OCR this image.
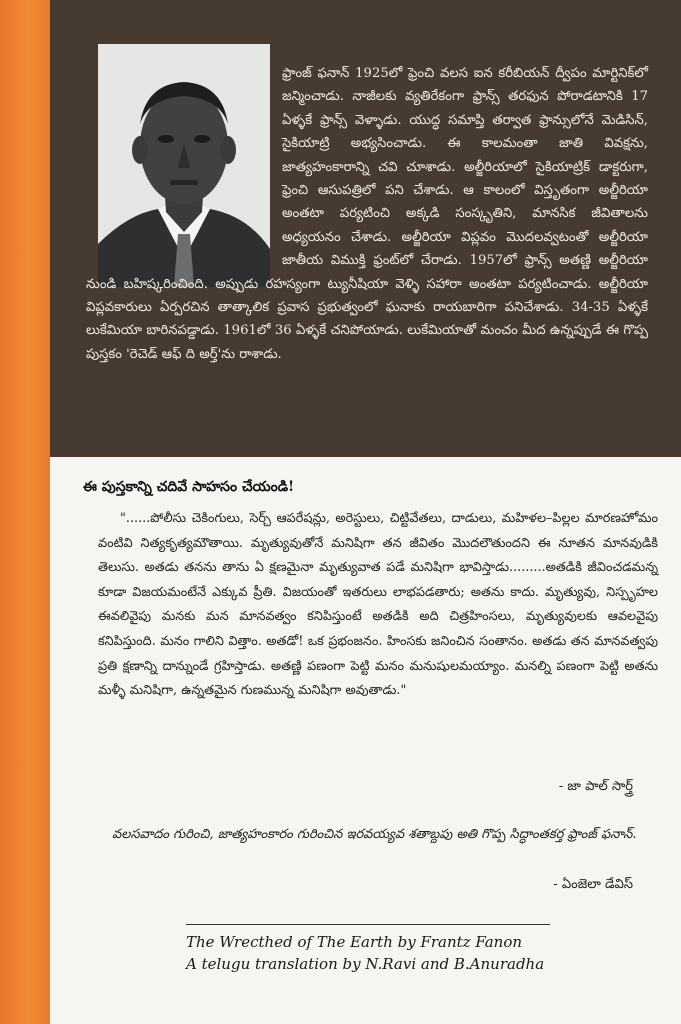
ఫ్రాంజ్ ఫనాన్ 1925లో ఫ్రెంచి వలస ఐన కరీబియన్ ద్వీపం మార్టినిక్‌లో జన్మించాడు. నాజీలకు వ్యతిరేకంగా ఫ్రాన్స్ తరఫున పోరాడటానికి 17 ఏళ్ళకే ఫ్రాన్స్ వెళ్ళాడు. యుద్ధ సమాప్తి తర్వాత ఫ్రాన్సులోనే మెడిసిన్, సైకియాట్రి అభ్యసించాడు. ఈ కాలమంతా జాతి వివక్షను, జాత్యహంకారాన్ని చవి చూశాడు. అల్జీరియాలో సైకియాట్రిక్ డాక్టరుగా, ఫ్రెంచి ఆసుపత్రిలో పని చేశాడు. ఆ కాలంలో విస్తృతంగా అల్జీరియా అంతటా పర్యటించి అక్కడి సంస్కృతిని, మానసిక జీవితాలను అధ్యయనం చేశాడు. అల్జీరియా విప్లవం మొదలవ్వటంతో అల్జీరియా జాతీయ విముక్తి ఫ్రంట్‌లో చేరాడు. 1957లో ఫ్రాన్స్ అతణ్ణి అల్జీరియా నుండి బహిష్కరించింది. అప్పుడు రహస్యంగా ట్యునీషియా వెళ్ళి సహారా అంతటా పర్యటించాడు. అల్జీరియా విప్లవకారులు ఏర్పరచిన తాత్కాలిక ప్రవాస ప్రభుత్వంలో ఘనాకు రాయబారిగా పనిచేశాడు. 34-35 ఏళ్ళకే లుకేమియా బారినపడ్డాడు. 1961లో 36 ఏళ్ళకే చనిపోయాడు. లుకేమియాతో మంచం మీద ఉన్నప్పుడే ఈ గొప్ప పుస్తకం 'రెచెడ్ ఆఫ్ ది అర్త్'ను రాశాడు.
ఈ పుస్తకాన్ని చదివే సాహసం చేయండి!
"......పోలీసు చెకింగులు, సెర్చ్ ఆపరేషన్లు, అరెస్టులు, చిట్టివేతలు, దాడులు, మహిళల–పిల్లల మారణహోమం వంటివి నిత్యకృత్యమౌతాయి. మృత్యువుతోనే మనిషిగా తన జీవితం మొదలౌతుందని ఈ నూతన మానవుడికి తెలుసు. అతడు తనను తాను ఏ క్షణమైనా మృత్యువాత పడే మనిషిగా భావిస్తాడు.........అతడికి జీవించడమన్న కూడా విజయమంటేనే ఎక్కువ ప్రీతి. విజయంతో ఇతరులు లాభపడతారు; అతను కాదు. మృత్యువు, నిస్పృహల ఈవలివైపు మనకు మన మానవత్వం కనిపిస్తుంటే అతడికి అది చిత్రహింసలు, మృత్యువులకు ఆవలవైపు కనిపిస్తుంది. మనం గాలిని విత్తాం. అతడో! ఒక ప్రభంజనం. హింసకు జనించిన సంతానం. అతడు తన మానవత్వపు ప్రతి క్షణాన్ని దాన్నుండే గ్రహిస్తాడు. అతణ్ణి పణంగా పెట్టి మనం మనుషులమయ్యాం. మనల్ని పణంగా పెట్టి అతను మళ్ళీ మనిషిగా, ఉన్నతమైన గుణమున్న మనిషిగా అవుతాడు."
- జా పాల్ సార్త్ర్
వలసవాదం గురించి, జాత్యహంకారం గురించిన ఇరవయ్యవ శతాబ్దపు అతి గొప్ప సిద్ధాంతకర్త ఫ్రాంజ్ ఫనాన్.
- ఏంజెలా డేవిస్
The Wrecthed of The Earth by Frantz Fanon
A telugu translation by N.Ravi and B.Anuradha
